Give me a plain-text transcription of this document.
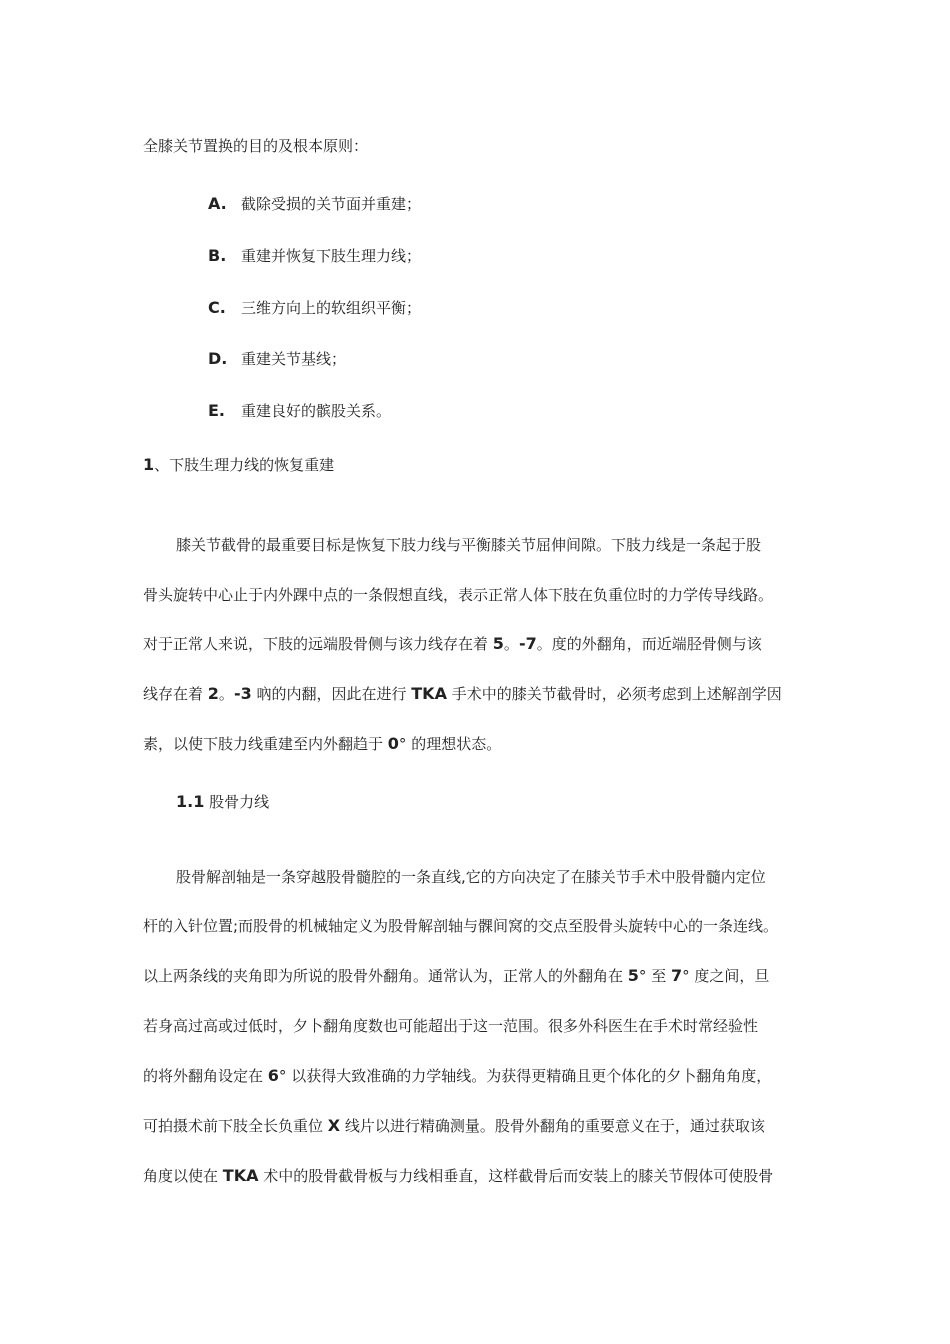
全膝关节置换的目的及根本原则：
A. 截除受损的关节面并重建；
B. 重建并恢复下肢生理力线；
C. 三维方向上的软组织平衡；
D. 重建关节基线；
E. 重建良好的髌股关系。
1、下肢生理力线的恢复重建
膝关节截骨的最重要目标是恢复下肢力线与平衡膝关节屈伸间隙。下肢力线是一条起于股
骨头旋转中心止于内外踝中点的一条假想直线，表示正常人体下肢在负重位时的力学传导线路。
对于正常人来说，下肢的远端股骨侧与该力线存在着 5。-7。度的外翻角，而近端胫骨侧与该
线存在着 2。-3 吶的内翻，因此在进行 TKA 手术中的膝关节截骨时，必须考虑到上述解剖学因
素，以使下肢力线重建至内外翻趋于 0° 的理想状态。
1.1 股骨力线
股骨解剖轴是一条穿越股骨髓腔的一条直线,它的方向决定了在膝关节手术中股骨髓内定位
杆的入针位置;而股骨的机械轴定义为股骨解剖轴与髁间窝的交点至股骨头旋转中心的一条连线。
以上两条线的夹角即为所说的股骨外翻角。通常认为，正常人的外翻角在 5° 至 7° 度之间，旦
若身高过高或过低时，夕卜翻角度数也可能超出于这一范围。很多外科医生在手术时常经验性
的将外翻角设定在 6° 以获得大致准确的力学轴线。为获得更精确且更个体化的夕卜翻角角度，
可拍摄术前下肢全长负重位 X 线片以进行精确测量。股骨外翻角的重要意义在于，通过获取该
角度以使在 TKA 术中的股骨截骨板与力线相垂直，这样截骨后而安装上的膝关节假体可使股骨
